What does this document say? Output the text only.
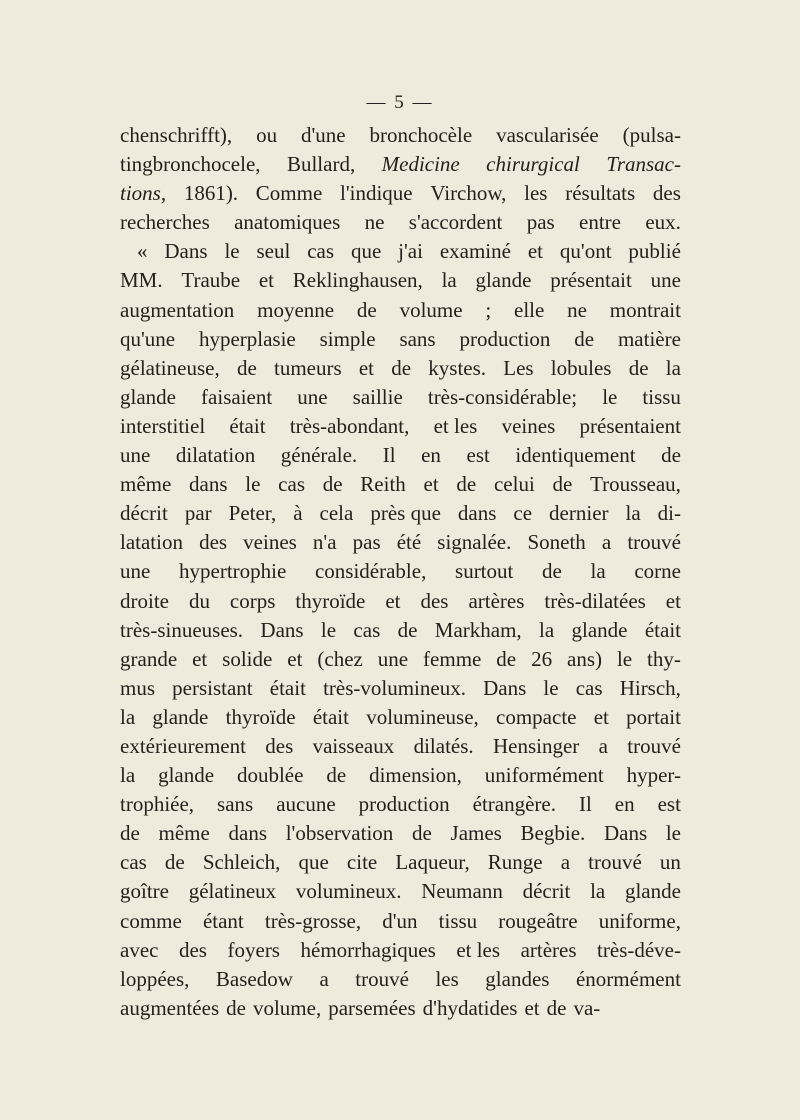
— 5 —
chenschrifft), ou d'une bronchocèle vascularisée (pulsa-
tingbronchocele, Bullard, Medicine chirurgical Transac-
tions, 1861). Comme l'indique Virchow, les résultats des
recherches anatomiques ne s'accordent pas entre eux.
« Dans le seul cas que j'ai examiné et qu'ont publié
MM. Traube et Reklinghausen, la glande présentait une
augmentation moyenne de volume ; elle ne montrait
qu'une hyperplasie simple sans production de matière
gélatineuse, de tumeurs et de kystes. Les lobules de la
glande faisaient une saillie très-considérable; le tissu
interstitiel était très-abondant, et les veines présentaient
une dilatation générale. Il en est identiquement de
même dans le cas de Reith et de celui de Trousseau,
décrit par Peter, à cela près que dans ce dernier la di-
latation des veines n'a pas été signalée. Soneth a trouvé
une hypertrophie considérable, surtout de la corne
droite du corps thyroïde et des artères très-dilatées et
très-sinueuses. Dans le cas de Markham, la glande était
grande et solide et (chez une femme de 26 ans) le thy-
mus persistant était très-volumineux. Dans le cas Hirsch,
la glande thyroïde était volumineuse, compacte et portait
extérieurement des vaisseaux dilatés. Hensinger a trouvé
la glande doublée de dimension, uniformément hyper-
trophiée, sans aucune production étrangère. Il en est
de même dans l'observation de James Begbie. Dans le
cas de Schleich, que cite Laqueur, Runge a trouvé un
goître gélatineux volumineux. Neumann décrit la glande
comme étant très-grosse, d'un tissu rougeâtre uniforme,
avec des foyers hémorrhagiques et les artères très-déve-
loppées, Basedow a trouvé les glandes énormément
augmentées de volume, parsemées d'hydatides et de va-
